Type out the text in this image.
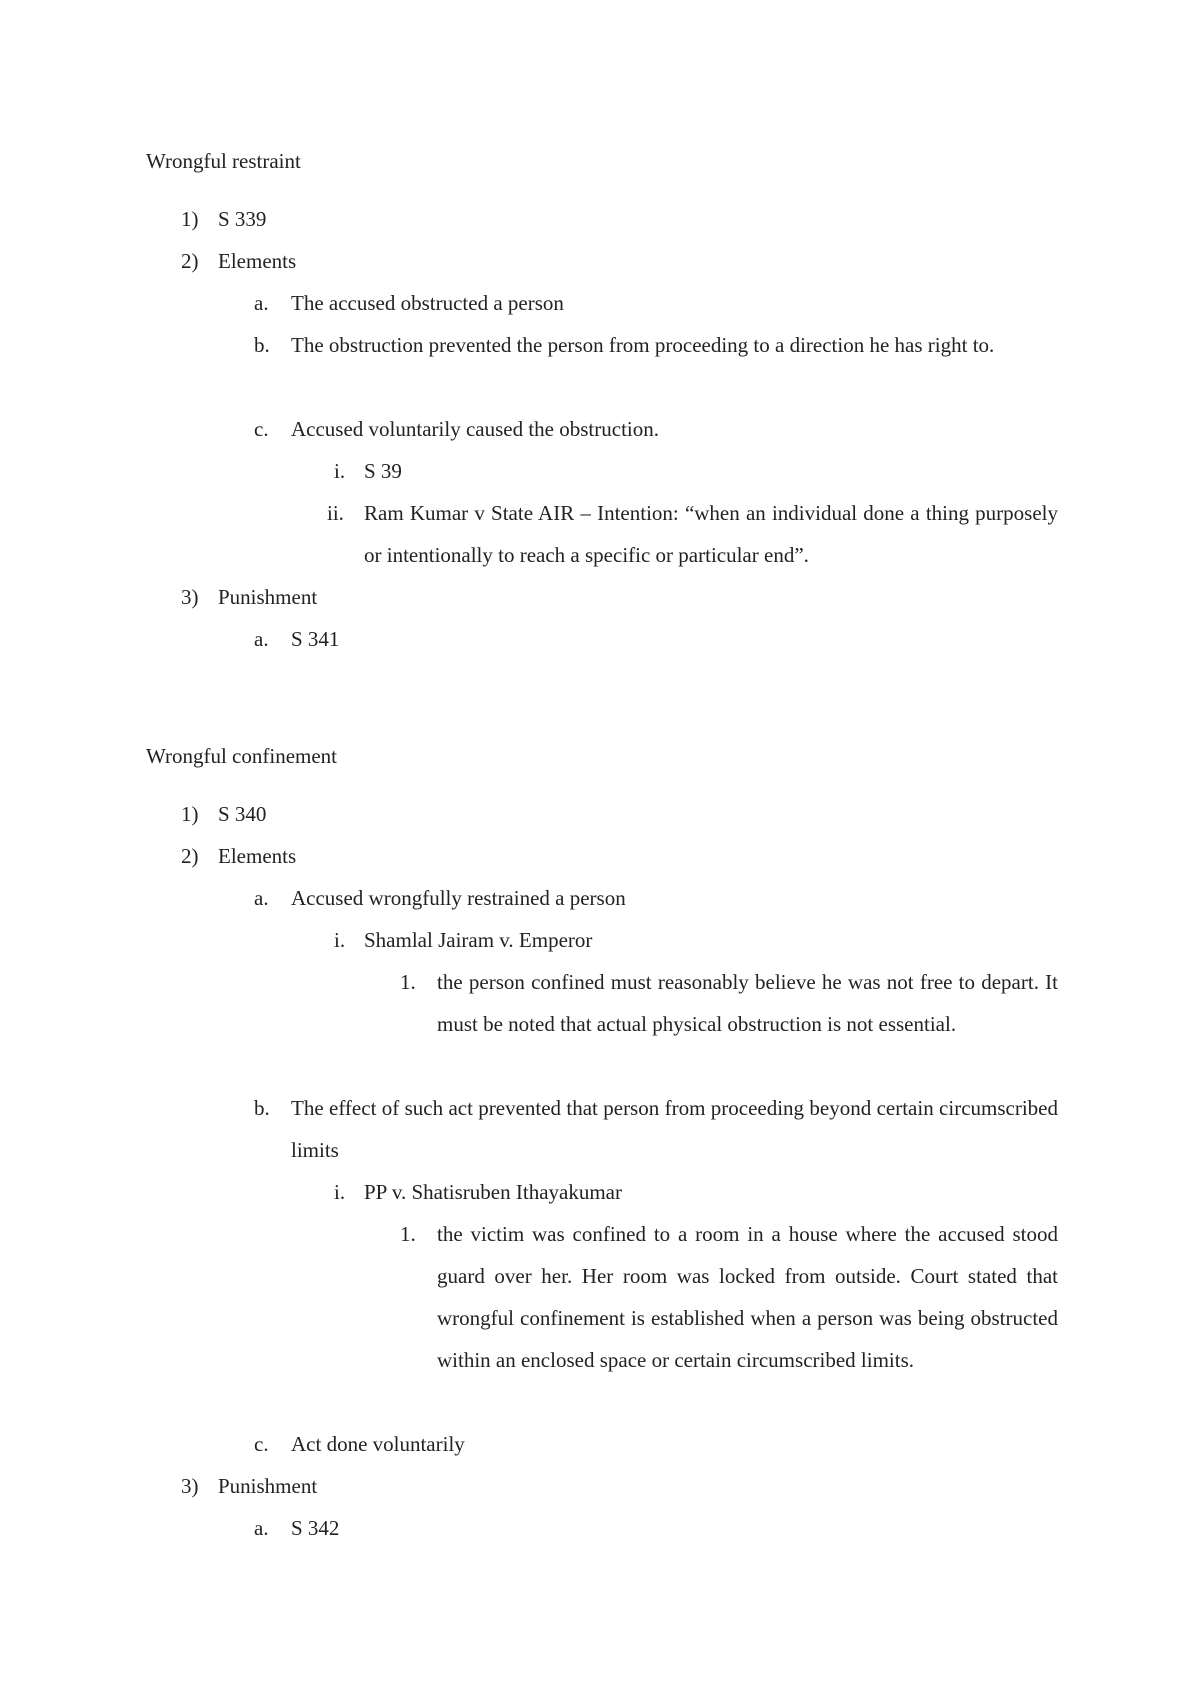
Wrongful restraint
1) S 339
2) Elements
a. The accused obstructed a person
b. The obstruction prevented the person from proceeding to a direction he has right to.
c. Accused voluntarily caused the obstruction.
i. S 39
ii. Ram Kumar v State AIR – Intention: “when an individual done a thing purposely or intentionally to reach a specific or particular end”.
3) Punishment
a. S 341
Wrongful confinement
1) S 340
2) Elements
a. Accused wrongfully restrained a person
i. Shamlal Jairam v. Emperor
1. the person confined must reasonably believe he was not free to depart. It must be noted that actual physical obstruction is not essential.
b. The effect of such act prevented that person from proceeding beyond certain circumscribed limits
i. PP v. Shatisruben Ithayakumar
1. the victim was confined to a room in a house where the accused stood guard over her. Her room was locked from outside. Court stated that wrongful confinement is established when a person was being obstructed within an enclosed space or certain circumscribed limits.
c. Act done voluntarily
3) Punishment
a. S 342
